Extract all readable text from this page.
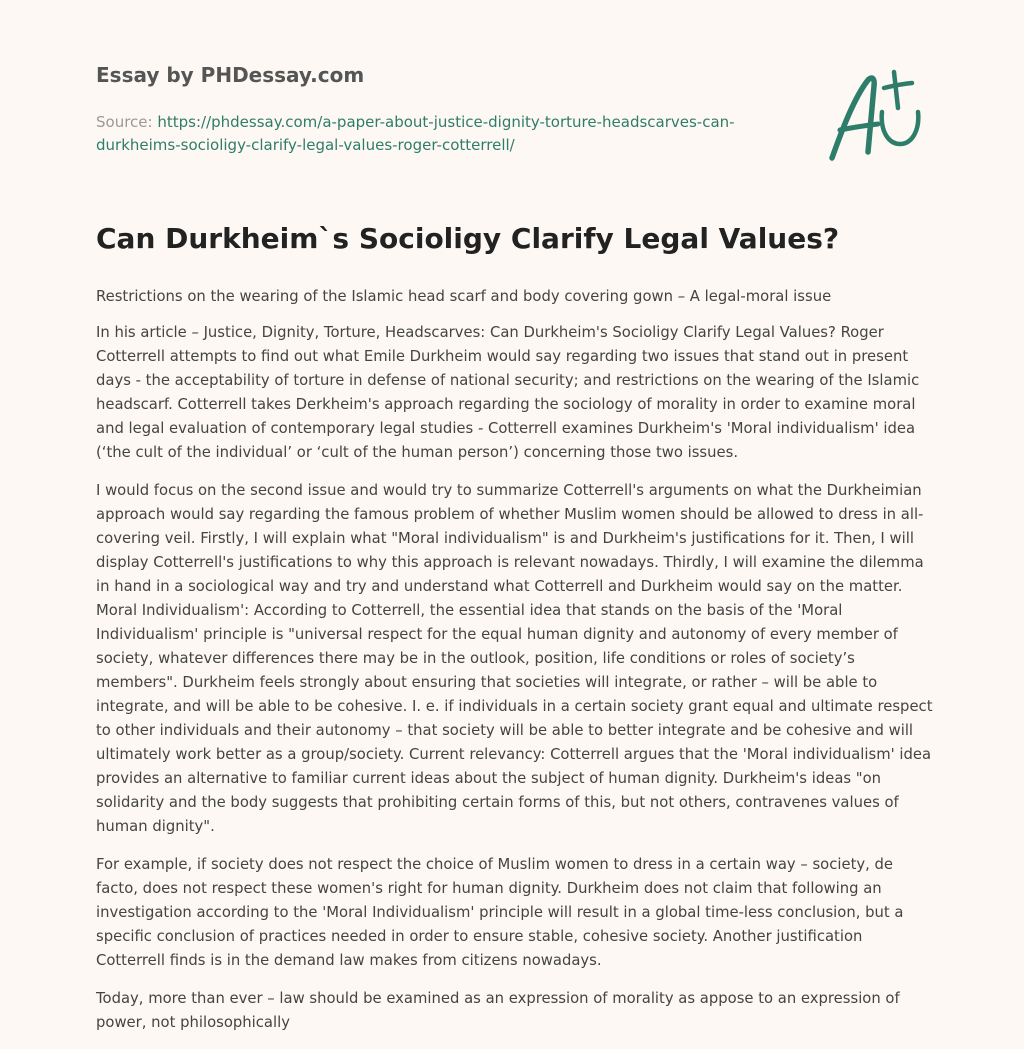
Essay by PHDessay.com
Source: https://phdessay.com/a-paper-about-justice-dignity-torture-headscarves-can-durkheims-socioligy-clarify-legal-values-roger-cotterrell/
Can Durkheim`s Socioligy Clarify Legal Values?

Restrictions on the wearing of the Islamic head scarf and body covering gown – A legal-moral issue

In his article – Justice, Dignity, Torture, Headscarves: Can Durkheim's Socioligy Clarify Legal Values? Roger Cotterrell attempts to find out what Emile Durkheim would say regarding two issues that stand out in present days - the acceptability of torture in defense of national security; and restrictions on the wearing of the Islamic headscarf. Cotterrell takes Derkheim's approach regarding the sociology of morality in order to examine moral and legal evaluation of contemporary legal studies - Cotterrell examines Durkheim's 'Moral individualism' idea (‘the cult of the individual’ or ‘cult of the human person’) concerning those two issues.

I would focus on the second issue and would try to summarize Cotterrell's arguments on what the Durkheimian approach would say regarding the famous problem of whether Muslim women should be allowed to dress in all-covering veil. Firstly, I will explain what "Moral individualism" is and Durkheim's justifications for it. Then, I will display Cotterrell's justifications to why this approach is relevant nowadays. Thirdly, I will examine the dilemma in hand in a sociological way and try and understand what Cotterrell and Durkheim would say on the matter. Moral Individualism': According to Cotterrell, the essential idea that stands on the basis of the 'Moral Individualism' principle is "universal respect for the equal human dignity and autonomy of every member of society, whatever differences there may be in the outlook, position, life conditions or roles of society’s members". Durkheim feels strongly about ensuring that societies will integrate, or rather – will be able to integrate, and will be able to be cohesive. I. e. if individuals in a certain society grant equal and ultimate respect to other individuals and their autonomy – that society will be able to better integrate and be cohesive and will ultimately work better as a group/society. Current relevancy: Cotterrell argues that the 'Moral individualism' idea provides an alternative to familiar current ideas about the subject of human dignity. Durkheim's ideas "on solidarity and the body suggests that prohibiting certain forms of this, but not others, contravenes values of human dignity".

For example, if society does not respect the choice of Muslim women to dress in a certain way – society, de facto, does not respect these women's right for human dignity. Durkheim does not claim that following an investigation according to the 'Moral Individualism' principle will result in a global time-less conclusion, but a specific conclusion of practices needed in order to ensure stable, cohesive society. Another justification Cotterrell finds is in the demand law makes from citizens nowadays.

Today, more than ever – law should be examined as an expression of morality as appose to an expression of power, not philosophically
